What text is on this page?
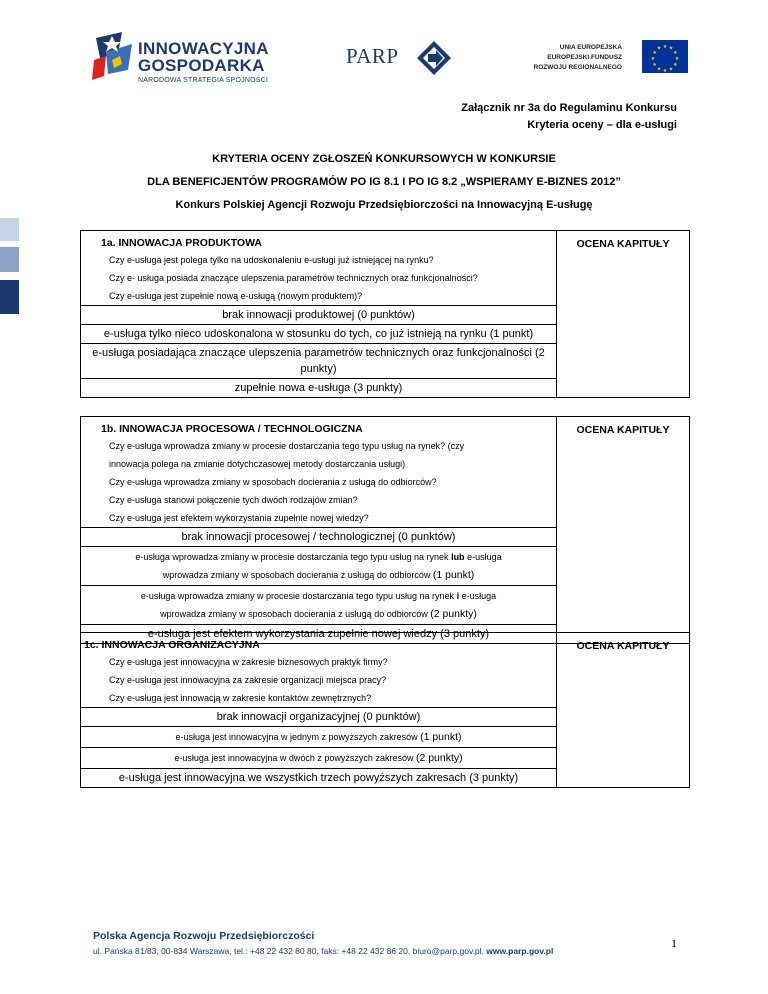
INNOWACYJNA
GOSPODARKA
NARODOWA STRATEGIA SPÓJNOŚCI
PARP	UNIA EUROPEJSKA
EUROPEJSKI FUNDUSZ
ROZWOJU REGIONALNEGO
★ ★
★
★
★
★
★
★
★
★
★
★
Załącznik nr 3a do Regulaminu Konkursu
Kryteria oceny – dla e-usługi
KRYTERIA OCENY ZGŁOSZEŃ KONKURSOWYCH W KONKURSIE
DLA BENEFICJENTÓW PROGRAMÓW PO IG 8.1 I PO IG 8.2 „WSPIERAMY E-BIZNES 2012”
Konkurs Polskiej Agencji Rozwoju Przedsiębiorczości na Innowacyjną E-usługę
1a. INNOWACJA PRODUKTOWA
Czy e-usługa jest polega tylko na udoskonaleniu e-usługi już istniejącej na rynku?
Czy e- usługa posiada znaczące ulepszenia parametrów technicznych oraz funkcjonalności?
Czy e-usługa jest zupełnie nową e-usługą (nowym produktem)?
	OCENA KAPITUŁY

brak innowacji produktowej (0 punktów)

e-usługa tylko nieco udoskonalona w stosunku do tych, co już istnieją na rynku (1 punkt)

e-usługa posiadająca znaczące ulepszenia parametrów technicznych oraz funkcjonalności (2 punkty)

zupełnie nowa e-usługa (3 punkty)
1b. INNOWACJA PROCESOWA / TECHNOLOGICZNA
Czy e-usługa wprowadza zmiany w procesie dostarczania tego typu usług na rynek? (czy
innowacja polega na zmianie dotychczasowej metody dostarczania usługi)
Czy e-usługa wprowadza zmiany w sposobach docierania z usługą do odbiorców?
Czy e-usługa stanowi połączenie tych dwóch rodzajów zmian?
Czy e-usługa jest efektem wykorzystania zupełnie nowej wiedzy?
	OCENA KAPITUŁY

brak innowacji procesowej / technologicznej (0 punktów)

e-usługa wprowadza zmiany w procesie dostarczania tego typu usług na rynek lub e-usługa
wprowadza zmiany w sposobach docierania z usługą do odbiorców (1 punkt)

e-usługa wprowadza zmiany w procesie dostarczania tego typu usług na rynek i e-usługa
wprowadza zmiany w sposobach docierania z usługą do odbiorców (2 punkty)

e-usługa jest efektem wykorzystania zupełnie nowej wiedzy (3 punkty)
1c. INNOWACJA ORGANIZACYJNA
Czy e-usługa jest innowacyjna w zakresie biznesowych praktyk firmy?
Czy e-usługa jest innowacyjna za zakresie organizacji miejsca pracy?
Czy e-usługa jest innowacją w zakresie kontaktów zewnętrznych?
	OCENA KAPITUŁY

brak innowacji organizacyjnej (0 punktów)

e-usługa jest innowacyjna w jednym z powyższych zakresów (1 punkt)

e-usługa jest innowacyjna w dwóch z powyższych zakresów (2 punkty)

e-usługa jest innowacyjna we wszystkich trzech powyższych zakresach (3 punkty)
Polska Agencja Rozwoju Przedsiębiorczości
ul. Pańska 81/83, 00-834 Warszawa, tel.: +48 22 432 80 80, faks: +48 22 432 86 20, biuro@parp.gov.pl, www.parp.gov.pl
1
